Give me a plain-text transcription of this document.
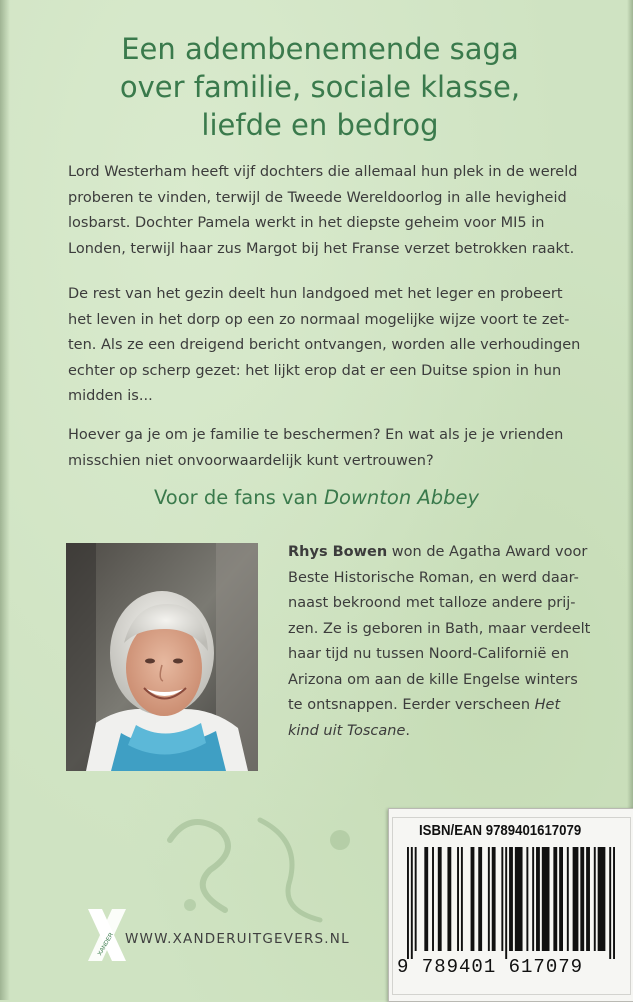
Een adembenemende saga
over familie, sociale klasse,
liefde en bedrog
Lord Westerham heeft vijf dochters die allemaal hun plek in de wereld
proberen te vinden, terwijl de Tweede Wereldoorlog in alle hevigheid
losbarst. Dochter Pamela werkt in het diepste geheim voor MI5 in
Londen, terwijl haar zus Margot bij het Franse verzet betrokken raakt.
De rest van het gezin deelt hun landgoed met het leger en probeert
het leven in het dorp op een zo normaal mogelijke wijze voort te zet-
ten. Als ze een dreigend bericht ontvangen, worden alle verhoudingen
echter op scherp gezet: het lijkt erop dat er een Duitse spion in hun
midden is...
Hoever ga je om je familie te beschermen? En wat als je je vrienden
misschien niet onvoorwaardelijk kunt vertrouwen?
Voor de fans van Downton Abbey
Rhys Bowen won de Agatha Award voor
Beste Historische Roman, en werd daar-
naast bekroond met talloze andere prij-
zen. Ze is geboren in Bath, maar verdeelt
haar tijd nu tussen Noord-Californië en
Arizona om aan de kille Engelse winters
te ontsnappen. Eerder verscheen Het
kind uit Toscane.
ISBN/EAN 9789401617079
9 789401 617079
XANDER WWW.XANDERUITGEVERS.NL
